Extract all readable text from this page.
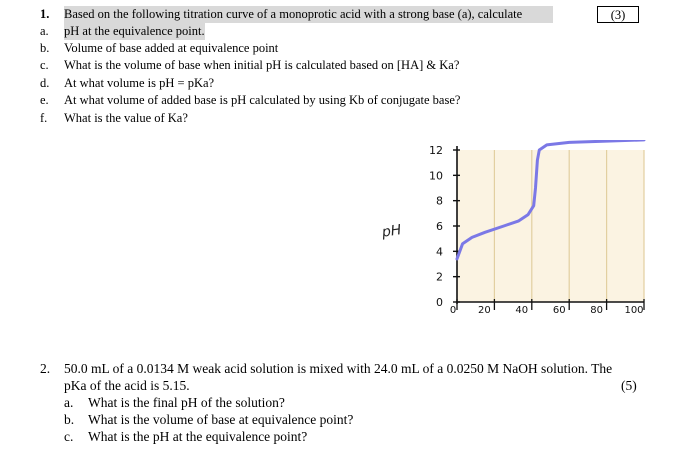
1. Based on the following titration curve of a monoprotic acid with a strong base (a), calculate	(3)
a.	pH at the equivalence point.
b.	Volume of base added at equivalence point
c.	What is the volume of base when initial pH is calculated based on [HA] & Ka?
d.	At what volume is pH = pKa?
e.	At what volume of added base is pH calculated by using Kb of conjugate base?
f.	What is the value of Ka?
12
10
8
6
4
2
0
0 20 40 60 80 100
pH
2. 50.0 mL of a 0.0134 M weak acid solution is mixed with 24.0 mL of a 0.0250 M NaOH solution. The
pKa of the acid is 5.15.	(5)
a.	What is the final pH of the solution?
b.	What is the volume of base at equivalence point?
c.	What is the pH at the equivalence point?
